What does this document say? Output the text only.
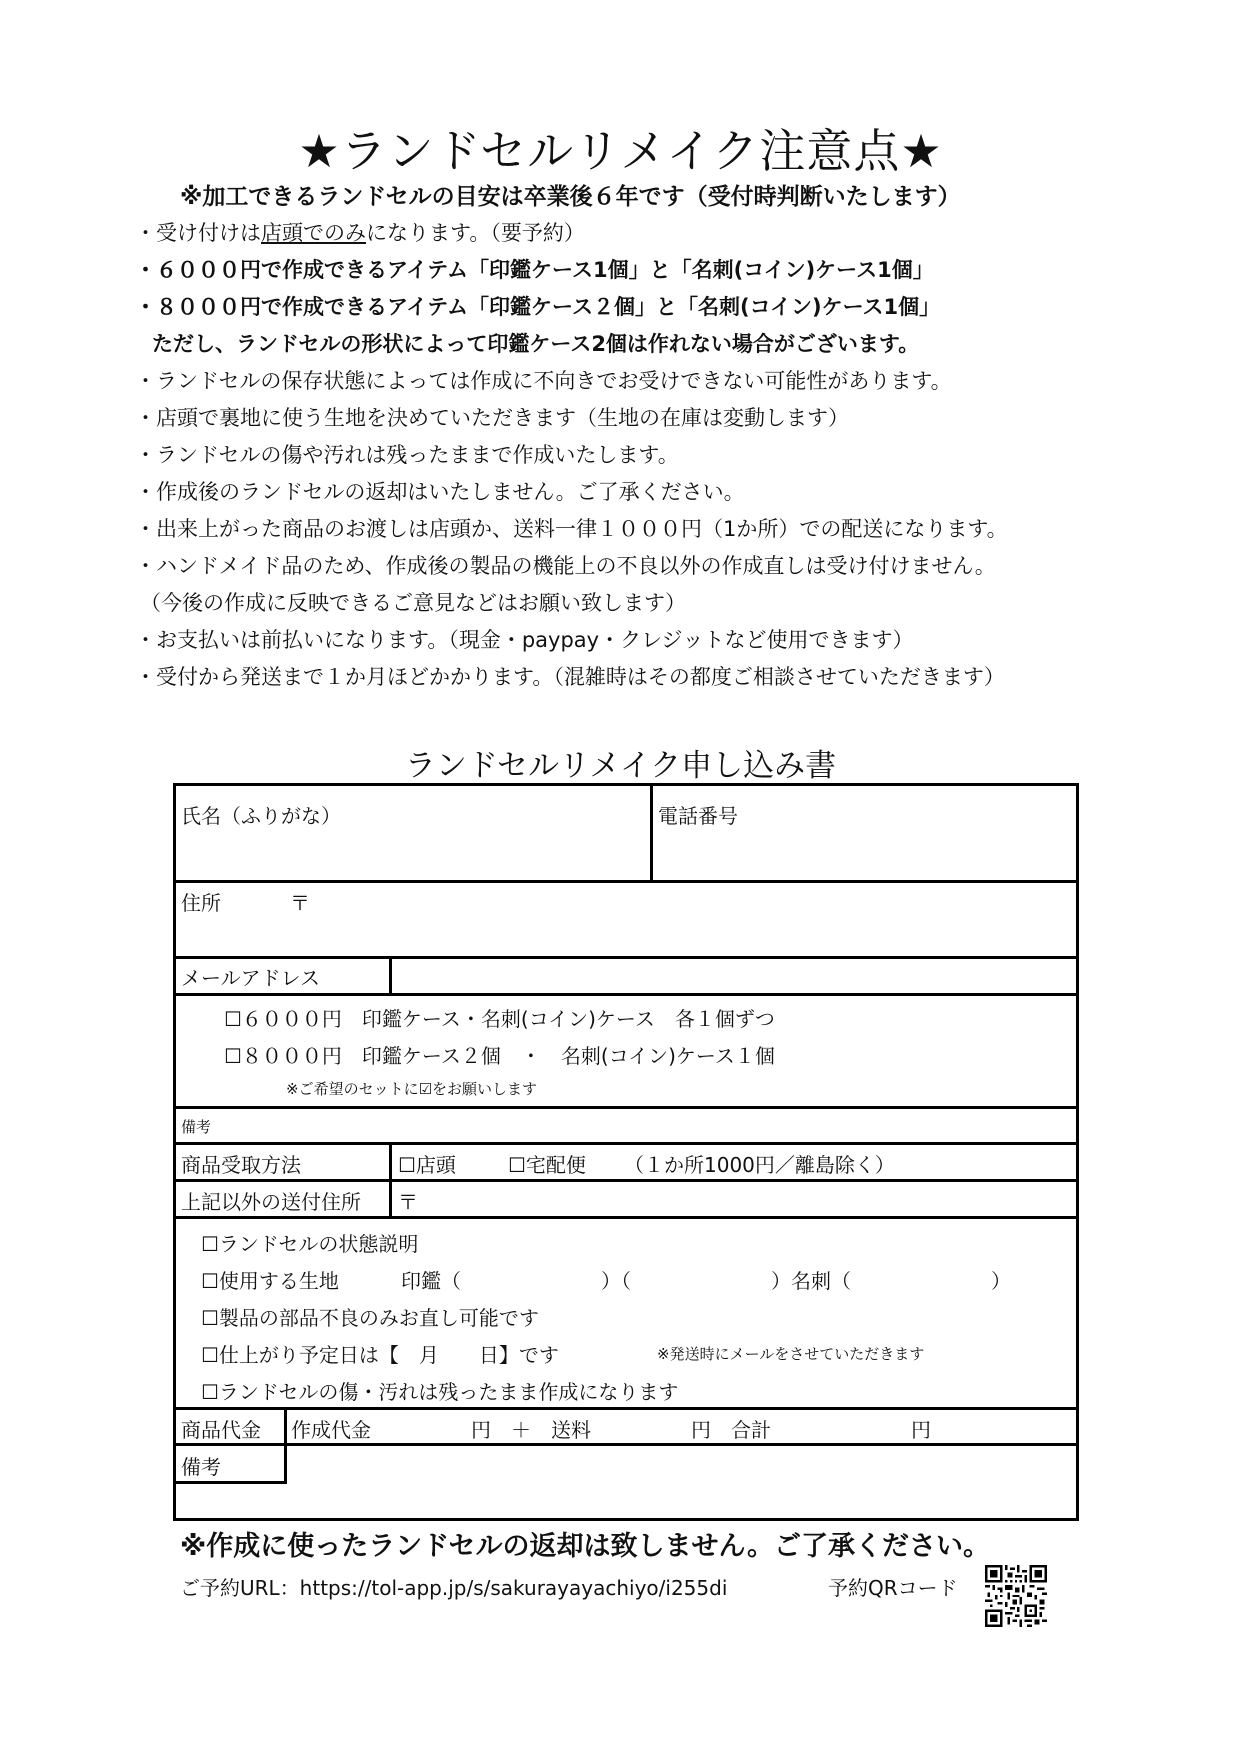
★ランドセルリメイク注意点★
※加工できるランドセルの目安は卒業後６年です（受付時判断いたします）
・受け付けは店頭でのみになります。（要予約）
・６０００円で作成できるアイテム「印鑑ケース1個」と「名刺(コイン)ケース1個」
・８０００円で作成できるアイテム「印鑑ケース２個」と「名刺(コイン)ケース1個」
ただし、ランドセルの形状によって印鑑ケース2個は作れない場合がございます。
・ランドセルの保存状態によっては作成に不向きでお受けできない可能性があります。
・店頭で裏地に使う生地を決めていただきます（生地の在庫は変動します）
・ランドセルの傷や汚れは残ったままで作成いたします。
・作成後のランドセルの返却はいたしません。ご了承ください。
・出来上がった商品のお渡しは店頭か、送料一律１０００円（1か所）での配送になります。
・ハンドメイド品のため、作成後の製品の機能上の不良以外の作成直しは受け付けません。
（今後の作成に反映できるご意見などはお願い致します）
・お支払いは前払いになります。（現金・paypay・クレジットなど使用できます）
・受付から発送まで１か月ほどかかります。（混雑時はその都度ご相談させていただきます）
ランドセルリメイク申し込み書
氏名（ふりがな）	電話番号
住所	〒
メールアドレス
☐６０００円　印鑑ケース・名刺(コイン)ケース　各１個ずつ
☐８０００円　印鑑ケース２個　・　名刺(コイン)ケース１個
※ご希望のセットに☑をお願いします
備考
商品受取方法	☐店頭	☐宅配便 （１か所1000円／離島除く）
上記以外の送付住所 〒
☐ランドセルの状態説明
☐使用する生地	印鑑（　　　　　　　）（　　　　　　　）名刺（　　　　　　　）
☐製品の部品不良のみお直し可能です
☐仕上がり予定日は【　月　　日】です	※発送時にメールをさせていただきます
☐ランドセルの傷・汚れは残ったまま作成になります
商品代金 作成代金　　　　　円　＋　送料　　　　　円　合計　　　　　　　円
備考
※作成に使ったランドセルの返却は致しません。ご了承ください。
ご予約URL：https://tol-app.jp/s/sakurayayachiyo/i255di	予約QRコード
